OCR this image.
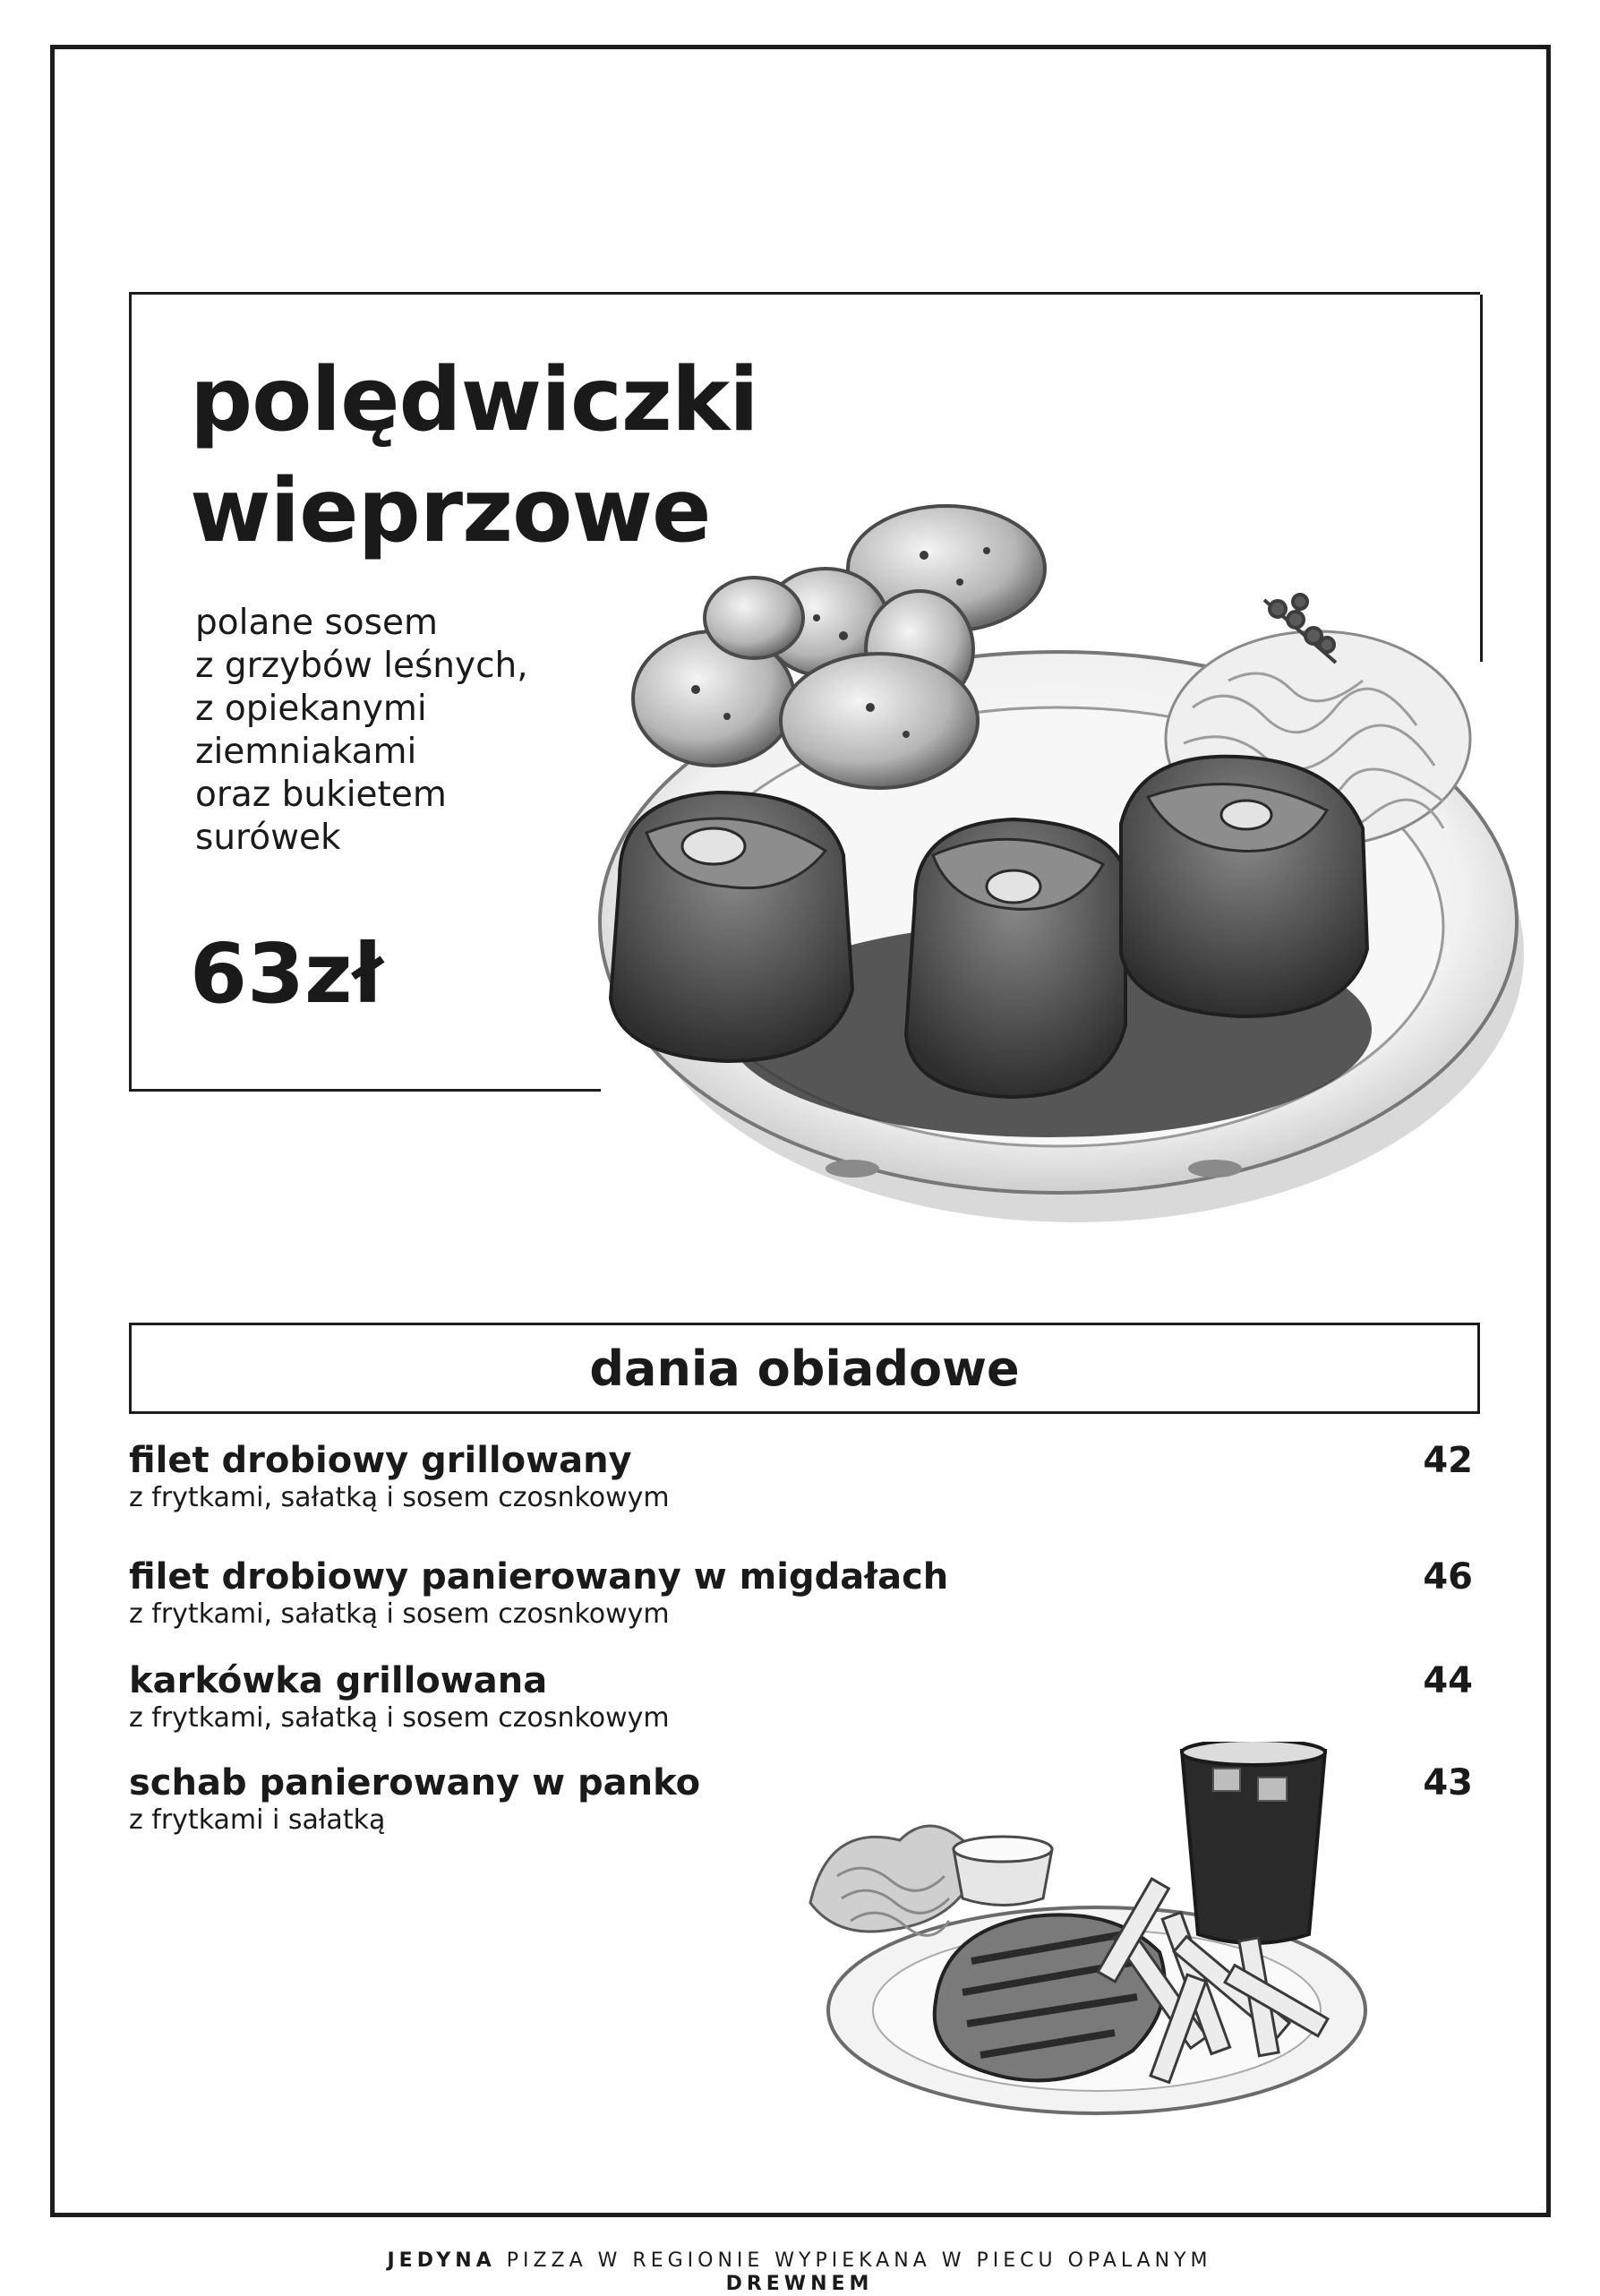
polędwiczki
wieprzowe

polane sosem
z grzybów leśnych,
z opiekanymi
ziemniakami
oraz bukietem
surówek

63zł

dania obiadowe
filet drobiowy grillowany
z frytkami, sałatką i sosem czosnkowym
42
filet drobiowy panierowany w migdałach
z frytkami, sałatką i sosem czosnkowym
46
karkówka grillowana
z frytkami, sałatką i sosem czosnkowym
44
schab panierowany w panko
z frytkami i sałatką
43

JEDYNA PIZZA W REGIONIE WYPIEKANA W PIECU OPALANYM DREWNEM
